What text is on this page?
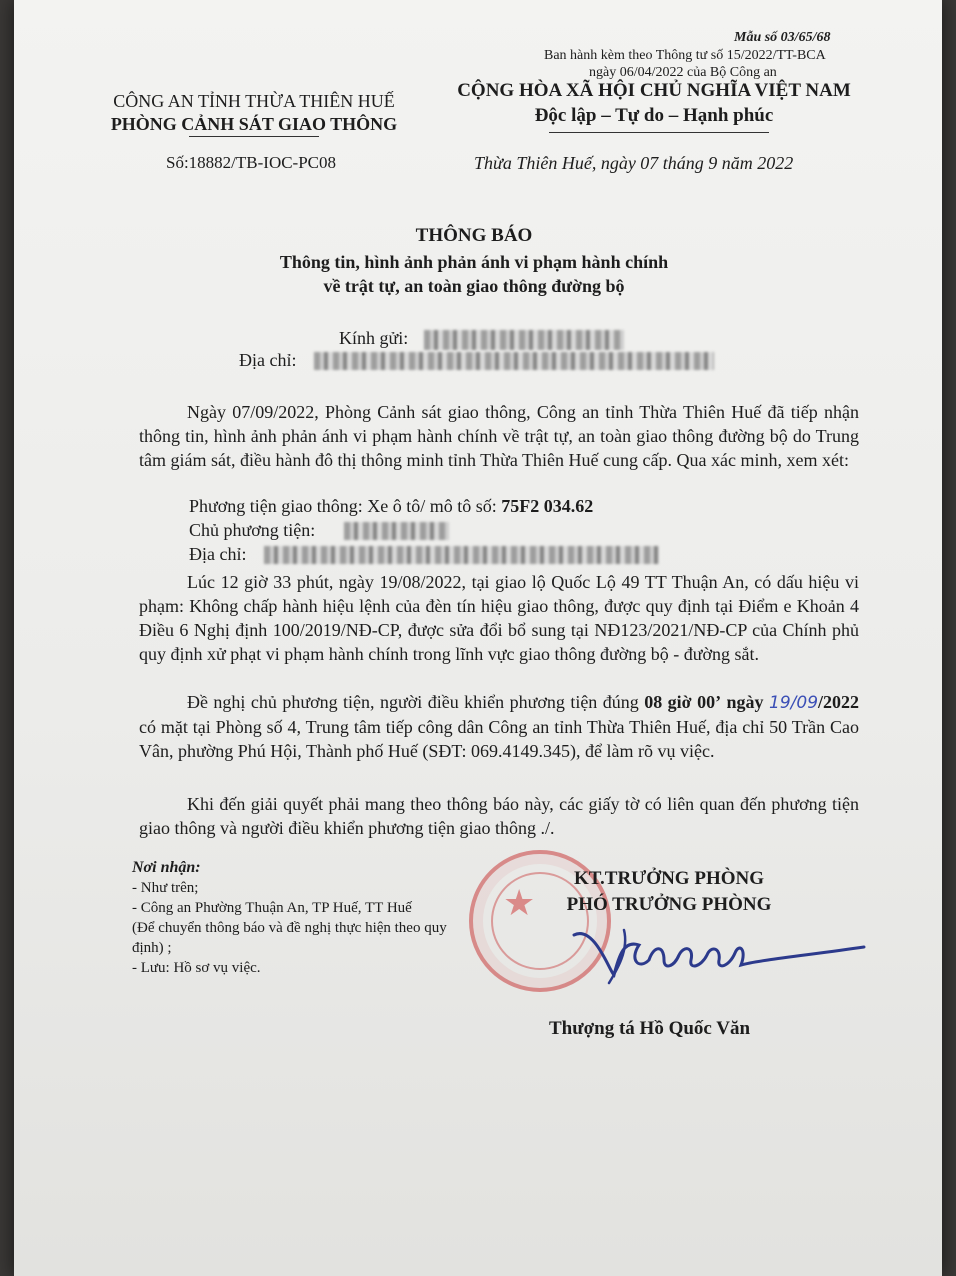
Mẫu số 03/65/68
Ban hành kèm theo Thông tư số 15/2022/TT-BCA
ngày 06/04/2022 của Bộ Công an
CÔNG AN TỈNH THỪA THIÊN HUẾ
PHÒNG CẢNH SÁT GIAO THÔNG
CỘNG HÒA XÃ HỘI CHỦ NGHĨA VIỆT NAM
Độc lập – Tự do – Hạnh phúc
Số:18882/TB-IOC-PC08	Thừa Thiên Huế, ngày 07 tháng 9 năm 2022
THÔNG BÁO
Thông tin, hình ảnh phản ánh vi phạm hành chính
về trật tự, an toàn giao thông đường bộ
Kính gửi:
Địa chỉ:
Ngày 07/09/2022, Phòng Cảnh sát giao thông, Công an tỉnh Thừa Thiên Huế đã tiếp nhận thông tin, hình ảnh phản ánh vi phạm hành chính về trật tự, an toàn giao thông đường bộ do Trung tâm giám sát, điều hành đô thị thông minh tỉnh Thừa Thiên Huế cung cấp. Qua xác minh, xem xét:
Phương tiện giao thông: Xe ô tô/ mô tô số: 75F2 034.62
Chủ phương tiện:
Địa chỉ:
Lúc 12 giờ 33 phút, ngày 19/08/2022, tại giao lộ Quốc Lộ 49 TT Thuận An, có dấu hiệu vi phạm: Không chấp hành hiệu lệnh của đèn tín hiệu giao thông, được quy định tại Điểm e Khoản 4 Điều 6 Nghị định 100/2019/NĐ-CP, được sửa đổi bổ sung tại NĐ123/2021/NĐ-CP của Chính phủ quy định xử phạt vi phạm hành chính trong lĩnh vực giao thông đường bộ - đường sắt.
Đề nghị chủ phương tiện, người điều khiển phương tiện đúng 08 giờ 00’ ngày 19/09/2022 có mặt tại Phòng số 4, Trung tâm tiếp công dân Công an tỉnh Thừa Thiên Huế, địa chỉ 50 Trần Cao Vân, phường Phú Hội, Thành phố Huế (SĐT: 069.4149.345), để làm rõ vụ việc.
Khi đến giải quyết phải mang theo thông báo này, các giấy tờ có liên quan đến phương tiện giao thông và người điều khiển phương tiện giao thông ./.
Nơi nhận:
- Như trên;
- Công an Phường Thuận An, TP Huế, TT Huế
(Để chuyển thông báo và đề nghị thực hiện theo quy định) ;
- Lưu: Hồ sơ vụ việc.
★
KT.TRƯỞNG PHÒNG
PHÓ TRƯỞNG PHÒNG
Thượng tá Hồ Quốc Văn
